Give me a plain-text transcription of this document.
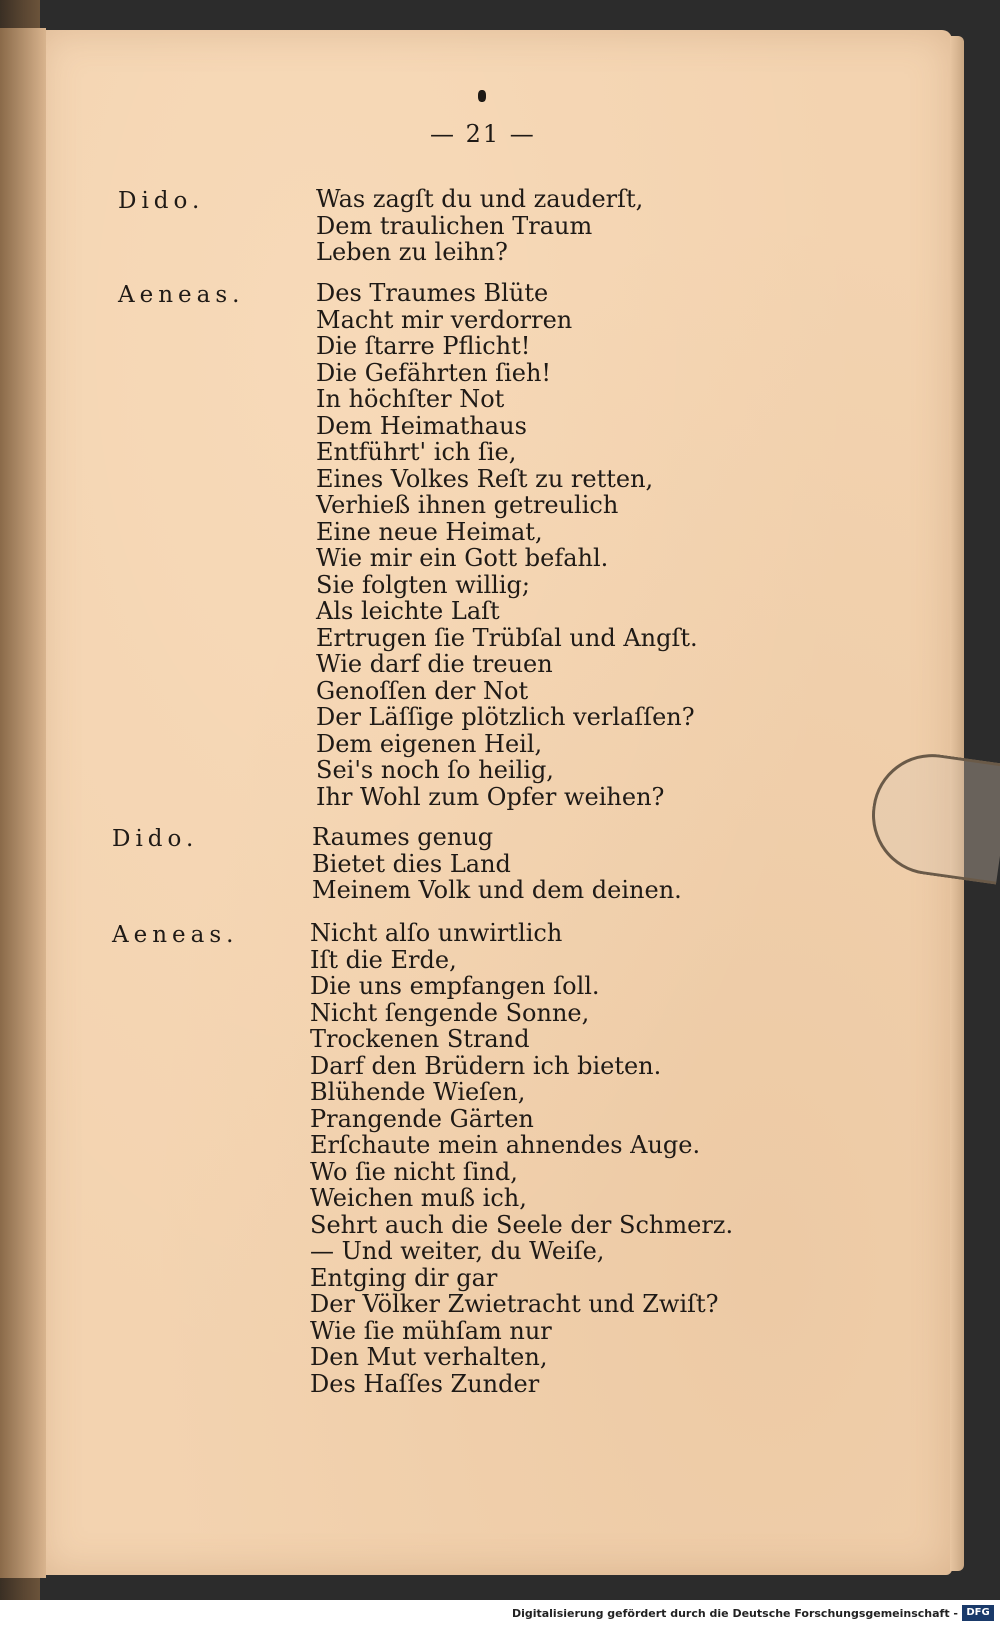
— 21 —
Dido.	Was zagſt du und zauderſt,
Dem traulichen Traum
Leben zu leihn?
Aeneas.	Des Traumes Blüte
Macht mir verdorren
Die ſtarre Pflicht!
Die Gefährten ſieh!
In höchſter Not
Dem Heimathaus
Entführt' ich ſie,
Eines Volkes Reſt zu retten,
Verhieß ihnen getreulich
Eine neue Heimat,
Wie mir ein Gott befahl.
Sie folgten willig;
Als leichte Laſt
Ertrugen ſie Trübſal und Angſt.
Wie darf die treuen
Genoſſen der Not
Der Läſſige plötzlich verlaſſen?
Dem eigenen Heil,
Sei's noch ſo heilig,
Ihr Wohl zum Opfer weihen?
Dido.	Raumes genug
Bietet dies Land
Meinem Volk und dem deinen.
Aeneas.	Nicht alſo unwirtlich
Iſt die Erde,
Die uns empfangen ſoll.
Nicht ſengende Sonne,
Trockenen Strand
Darf den Brüdern ich bieten.
Blühende Wieſen,
Prangende Gärten
Erſchaute mein ahnendes Auge.
Wo ſie nicht ſind,
Weichen muß ich,
Sehrt auch die Seele der Schmerz.
— Und weiter, du Weiſe,
Entging dir gar
Der Völker Zwietracht und Zwiſt?
Wie ſie mühſam nur
Den Mut verhalten,
Des Haſſes Zunder
Digitalisierung gefördert durch die Deutsche Forschungsgemeinschaft - DFG
